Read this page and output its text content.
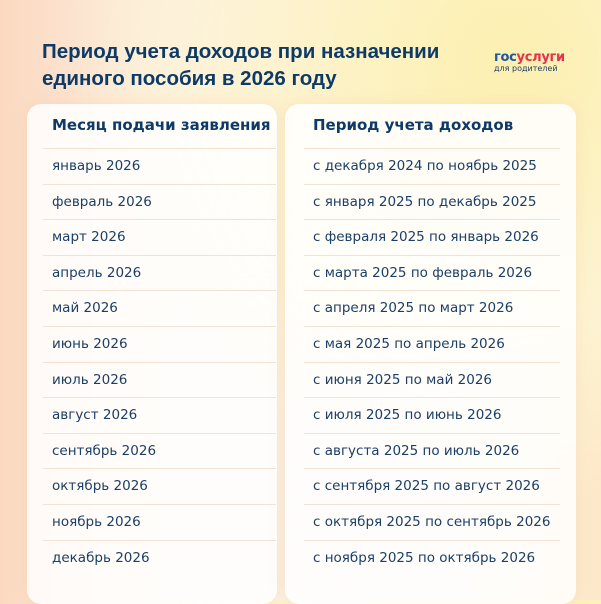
Период учета доходов при назначении единого пособия в 2026 году
госуслуги
для родителей
Месяц подачи заявления	Период учета доходов
январь 2026	с декабря 2024 по ноябрь 2025
февраль 2026	с января 2025 по декабрь 2025
март 2026	с февраля 2025 по январь 2026
апрель 2026	с марта 2025 по февраль 2026
май 2026	с апреля 2025 по март 2026
июнь 2026	с мая 2025 по апрель 2026
июль 2026	с июня 2025 по май 2026
август 2026	с июля 2025 по июнь 2026
сентябрь 2026	с августа 2025 по июль 2026
октябрь 2026	с сентября 2025 по август 2026
ноябрь 2026	с октября 2025 по сентябрь 2026
декабрь 2026	с ноября 2025 по октябрь 2026
